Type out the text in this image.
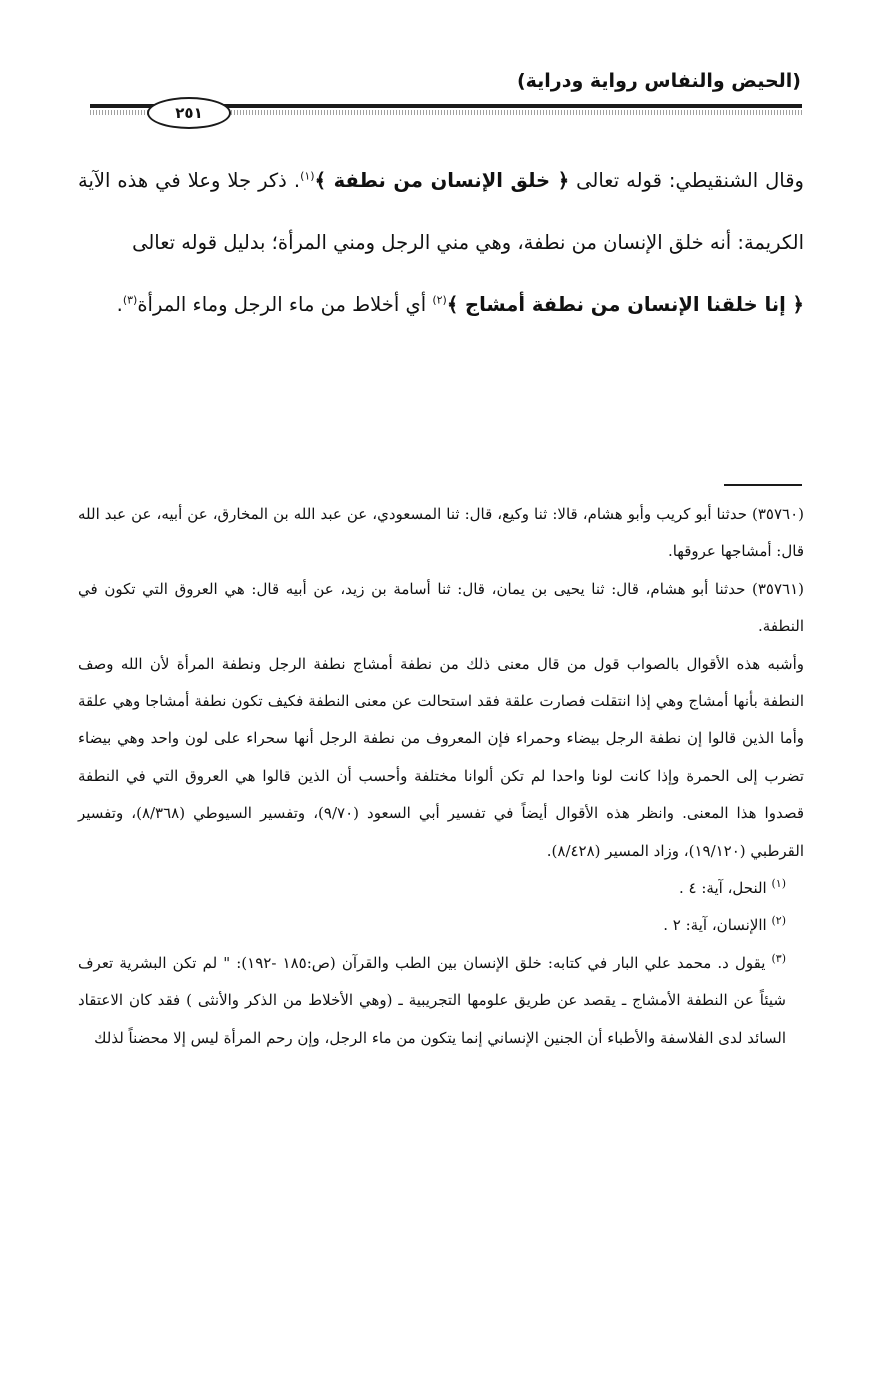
(الحيض والنفاس رواية ودراية)
٢٥١

وقال الشنقيطي: قوله تعالى ﴿ خلق الإنسان من نطفة ﴾$^{(١)}$. ذكر جلا وعلا في هذه الآية الكريمة: أنه خلق الإنسان من نطفة، وهي مني الرجل ومني المرأة؛ بدليل قوله تعالى

﴿ إنا خلقنا الإنسان من نطفة أمشاج ﴾$^{(٢)}$ أي أخلاط من ماء الرجل وماء المرأة$^{(٣)}$.

(٣٥٧٦٠) حدثنا أبو كريب وأبو هشام، قالا: ثنا وكيع، قال: ثنا المسعودي، عن عبد الله بن المخارق، عن أبيه، عن عبد الله قال: أمشاجها عروقها.

(٣٥٧٦١) حدثنا أبو هشام، قال: ثنا يحيى بن يمان، قال: ثنا أسامة بن زيد، عن أبيه قال: هي العروق التي تكون في النطفة.

وأشبه هذه الأقوال بالصواب قول من قال معنى ذلك من نطفة أمشاج نطفة الرجل ونطفة المرأة لأن الله وصف النطفة بأنها أمشاج وهي إذا انتقلت فصارت علقة فقد استحالت عن معنى النطفة فكيف تكون نطفة أمشاجا وهي علقة وأما الذين قالوا إن نطفة الرجل بيضاء وحمراء فإن المعروف من نطفة الرجل أنها سحراء على لون واحد وهي بيضاء تضرب إلى الحمرة وإذا كانت لونا واحدا لم تكن ألوانا مختلفة وأحسب أن الذين قالوا هي العروق التي في النطفة قصدوا هذا المعنى. وانظر هذه الأقوال أيضاً في تفسير أبي السعود (٩/٧٠)، وتفسير السيوطي (٨/٣٦٨)، وتفسير القرطبي (١٩/١٢٠)، وزاد المسير (٨/٤٢٨).

$^{(١)}$ النحل، آية: ٤ .

$^{(٢)}$ االإنسان، آية: ٢ .

$^{(٣)}$ يقول د. محمد علي البار في كتابه: خلق الإنسان بين الطب والقرآن (ص:١٨٥ -١٩٢): " لم تكن البشرية تعرف شيئاً عن النطفة الأمشاج ـ يقصد عن طريق علومها التجريبية ـ (وهي الأخلاط من الذكر والأنثى ) فقد كان الاعتقاد السائد لدى الفلاسفة والأطباء أن الجنين الإنساني إنما يتكون من ماء الرجل، وإن رحم المرأة ليس إلا محضناً لذلك
